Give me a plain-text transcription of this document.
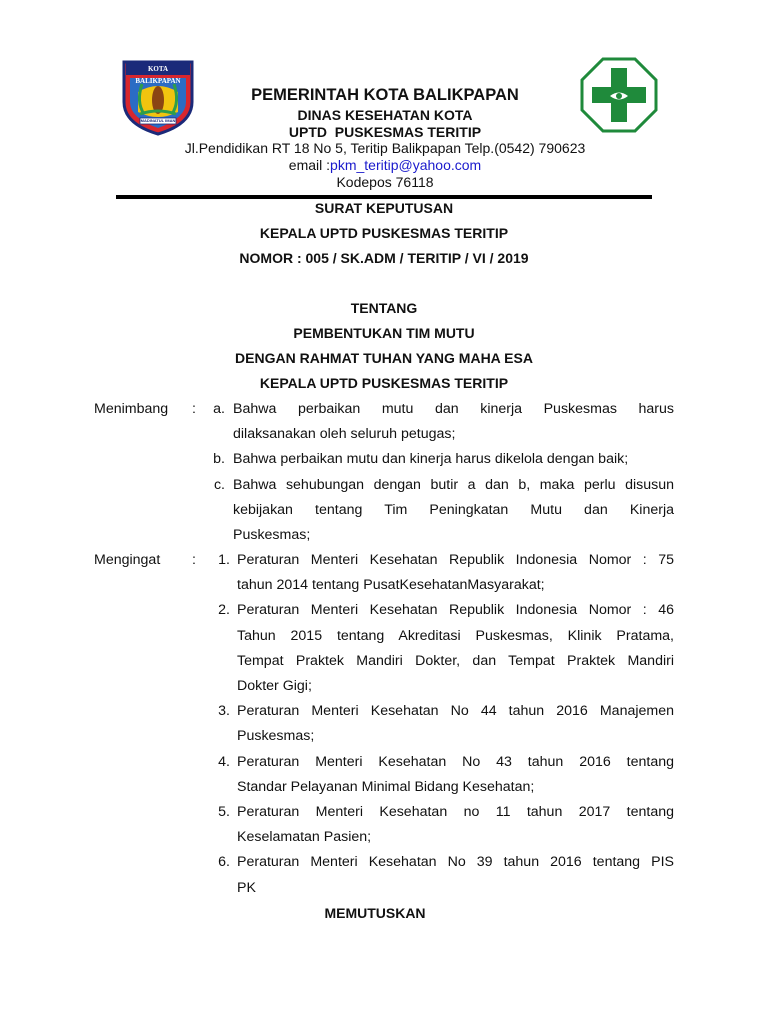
KOTA BALIKPAPAN
MADINATUL IMAN
PEMERINTAH KOTA BALIKPAPAN
DINAS KESEHATAN KOTA
UPTD  PUSKESMAS TERITIP
Jl.Pendidikan RT 18 No 5, Teritip Balikpapan Telp.(0542) 790623
email :pkm_teritip@yahoo.com
Kodepos 76118
SURAT KEPUTUSAN
KEPALA UPTD PUSKESMAS TERITIP
NOMOR : 005 / SK.ADM / TERITIP / VI / 2019
TENTANG
PEMBENTUKAN TIM MUTU
DENGAN RAHMAT TUHAN YANG MAHA ESA
KEPALA UPTD PUSKESMAS TERITIP
Menimbang :	a. Bahwa perbaikan mutu dan kinerja Puskesmas harus
dilaksanakan oleh seluruh petugas;
b. Bahwa perbaikan mutu dan kinerja harus dikelola dengan baik;
c. Bahwa sehubungan dengan butir a dan b, maka perlu disusun
kebijakan tentang Tim Peningkatan Mutu dan Kinerja
Puskesmas;
Mengingat :	1. Peraturan Menteri Kesehatan Republik Indonesia Nomor : 75
tahun 2014 tentang PusatKesehatanMasyarakat;
2. Peraturan Menteri Kesehatan Republik Indonesia Nomor : 46
Tahun 2015 tentang Akreditasi Puskesmas, Klinik Pratama,
Tempat Praktek Mandiri Dokter, dan Tempat Praktek Mandiri
Dokter Gigi;
3. Peraturan Menteri Kesehatan No 44 tahun 2016 Manajemen
Puskesmas;
4. Peraturan Menteri Kesehatan No 43 tahun 2016 tentang
Standar Pelayanan Minimal Bidang Kesehatan;
5. Peraturan Menteri Kesehatan no 11 tahun 2017 tentang
Keselamatan Pasien;
6. Peraturan Menteri Kesehatan No 39 tahun 2016 tentang PIS
PK
MEMUTUSKAN
